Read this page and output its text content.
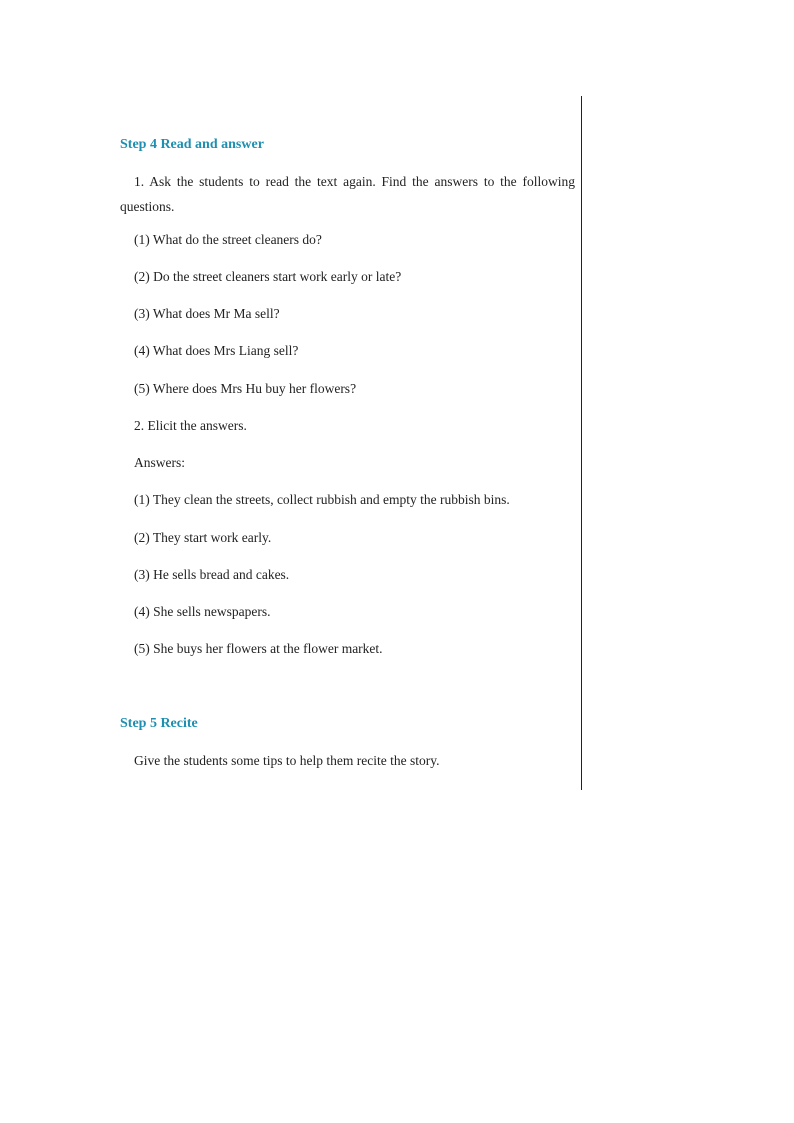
Step 4 Read and answer

1. Ask the students to read the text again. Find the answers to the following questions.

(1) What do the street cleaners do?

(2) Do the street cleaners start work early or late?

(3) What does Mr Ma sell?

(4) What does Mrs Liang sell?

(5) Where does Mrs Hu buy her flowers?

2. Elicit the answers.

Answers:

(1) They clean the streets, collect rubbish and empty the rubbish bins.

(2) They start work early.

(3) He sells bread and cakes.

(4) She sells newspapers.

(5) She buys her flowers at the flower market.

Step 5 Recite

Give the students some tips to help them recite the story.
